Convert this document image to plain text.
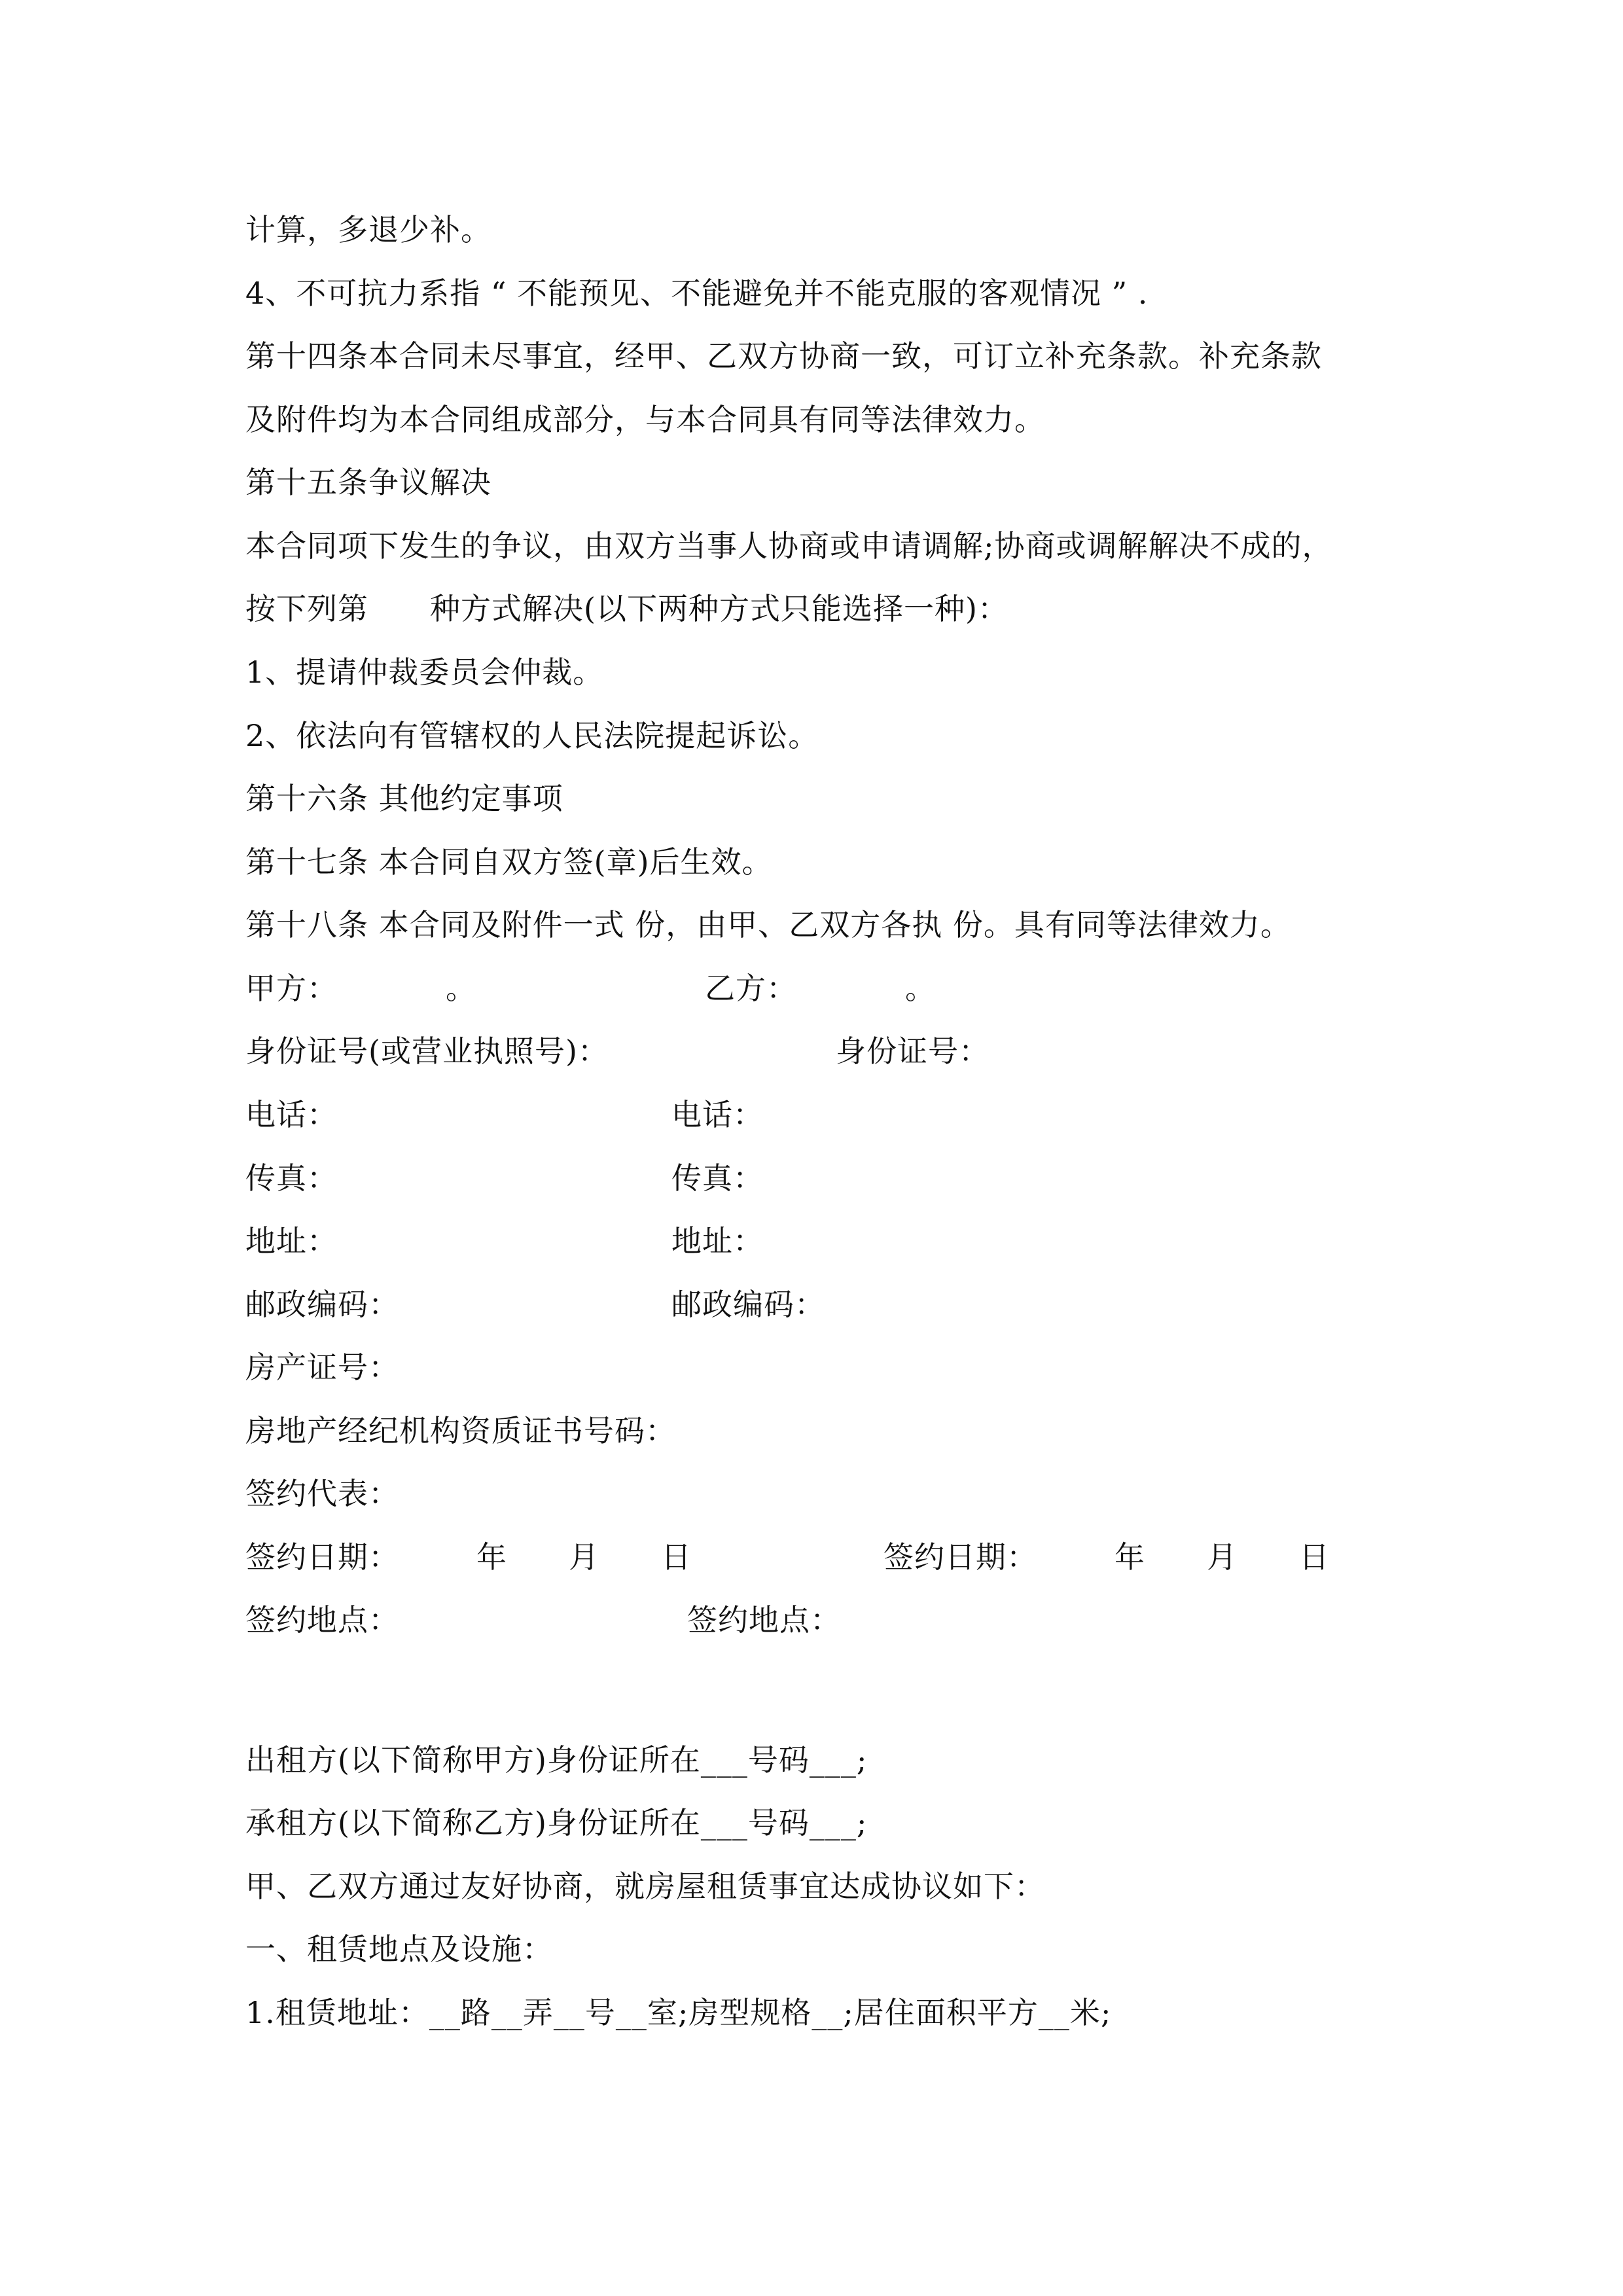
计算，多退少补。
4、不可抗力系指 “ 不能预见、不能避免并不能克服的客观情况 ” .
第十四条本合同未尽事宜，经甲、乙双方协商一致，可订立补充条款。补充条款
及附件均为本合同组成部分，与本合同具有同等法律效力。
第十五条争议解决
本合同项下发生的争议，由双方当事人协商或申请调解;协商或调解解决不成的，
按下列第　　种方式解决(以下两种方式只能选择一种)：
1、提请仲裁委员会仲裁。
2、依法向有管辖权的人民法院提起诉讼。
第十六条 其他约定事项
第十七条 本合同自双方签(章)后生效。
第十八条 本合同及附件一式 份，由甲、乙双方各执 份。具有同等法律效力。
甲方：　　　　。	乙方：　　　　。
身份证号(或营业执照号)：	身份证号：
电话：	电话：
传真：	传真：
地址：	地址：
邮政编码：	邮政编码：
房产证号：
房地产经纪机构资质证书号码：
签约代表：
签约日期：　　　年　　月　　日	签约日期：　　　年　　月　　日
签约地点：	签约地点：
出租方(以下简称甲方)身份证所在___号码___;
承租方(以下简称乙方)身份证所在___号码___;
甲、乙双方通过友好协商，就房屋租赁事宜达成协议如下：
一、租赁地点及设施：
1.租赁地址：__路__弄__号__室;房型规格__;居住面积平方__米;
